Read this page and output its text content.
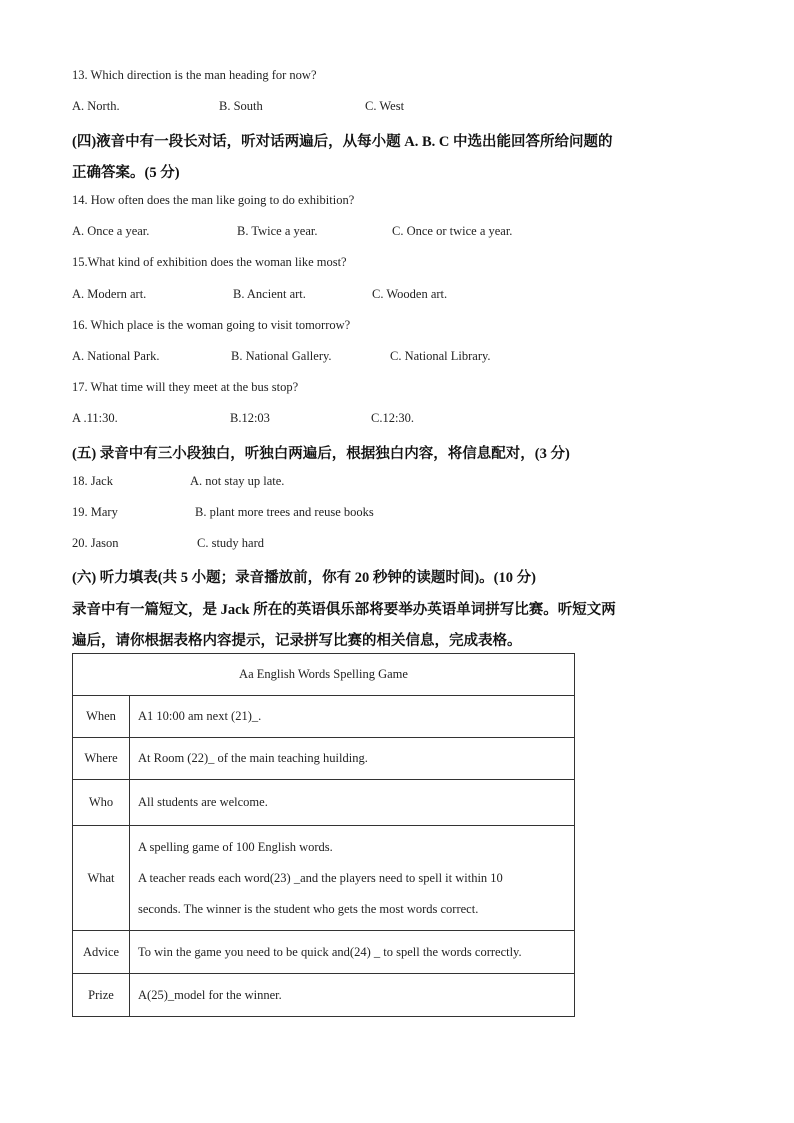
13. Which direction is the man heading for now?
A. North.	B. South	C. West
(四)液音中有一段长对话，听对话两遍后，从每小题 A. B. C 中选出能回答所给问题的
正确答案。(5 分)
14. How often does the man like going to do exhibition?
A. Once a year.	B. Twice a year.	C. Once or twice a year.
15.What kind of exhibition does the woman like most?
A. Modern art.	B. Ancient art.	C. Wooden art.
16. Which place is the woman going to visit tomorrow?
A. National Park.	B. National Gallery.	C. National Library.
17. What time will they meet at the bus stop?
A .11:30.	B.12:03	C.12:30.
(五) 录音中有三小段独白，听独白两遍后，根据独白内容，将信息配对，(3 分)
18. Jack	A. not stay up late.
19. Mary	B. plant more trees and reuse books
20. Jason	C. study hard
(六) 听力填表(共 5 小题；录音播放前，你有 20 秒钟的读题时间)。(10 分)
录音中有一篇短文，是 Jack 所在的英语俱乐部将要举办英语单词拼写比赛。听短文两
遍后，请你根据表格内容提示，记录拼写比赛的相关信息，完成表格。
Aa English Words Spelling Game	
When	A1 10:00 am next (21)_.
Where	At Room (22)_ of the main teaching huilding.
Who	All students are welcome.
What	A spelling game of 100 English words.
A teacher reads each word(23) _and the players need to spell it within 10
seconds. The winner is the student who gets the most words correct.

Advice	To win the game you need to be quick and(24) _ to spell the words correctly.
Prize	A(25)_model for the winner.
